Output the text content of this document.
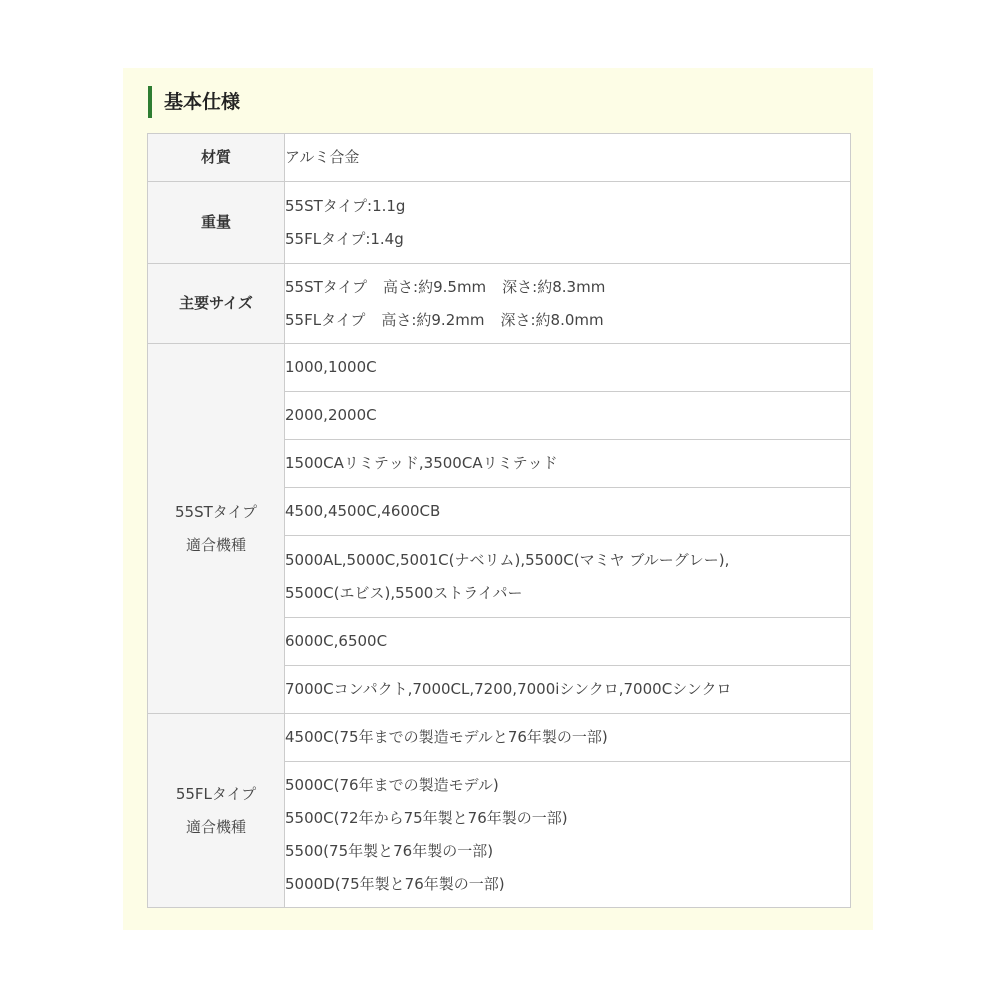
基本仕様
材質	アルミ合金

重量	55STタイプ:1.1g
55FLタイプ:1.4g

主要サイズ	55STタイプ 高さ:約9.5mm 深さ:約8.3mm
55FLタイプ 高さ:約9.2mm 深さ:約8.0mm

55STタイプ
適合機種	1000,1000C

	2000,2000C

	1500CAリミテッド,3500CAリミテッド

	4500,4500C,4600CB

	5000AL,5000C,5001C(ナベリム),5500C(マミヤ ブルーグレー),
5500C(エビス),5500ストライパー

	6000C,6500C

	7000Cコンパクト,7000CL,7200,7000iシンクロ,7000Cシンクロ

55FLタイプ
適合機種	4500C(75年までの製造モデルと76年製の一部)

	5000C(76年までの製造モデル)
5500C(72年から75年製と76年製の一部)
5500(75年製と76年製の一部)
5000D(75年製と76年製の一部)
